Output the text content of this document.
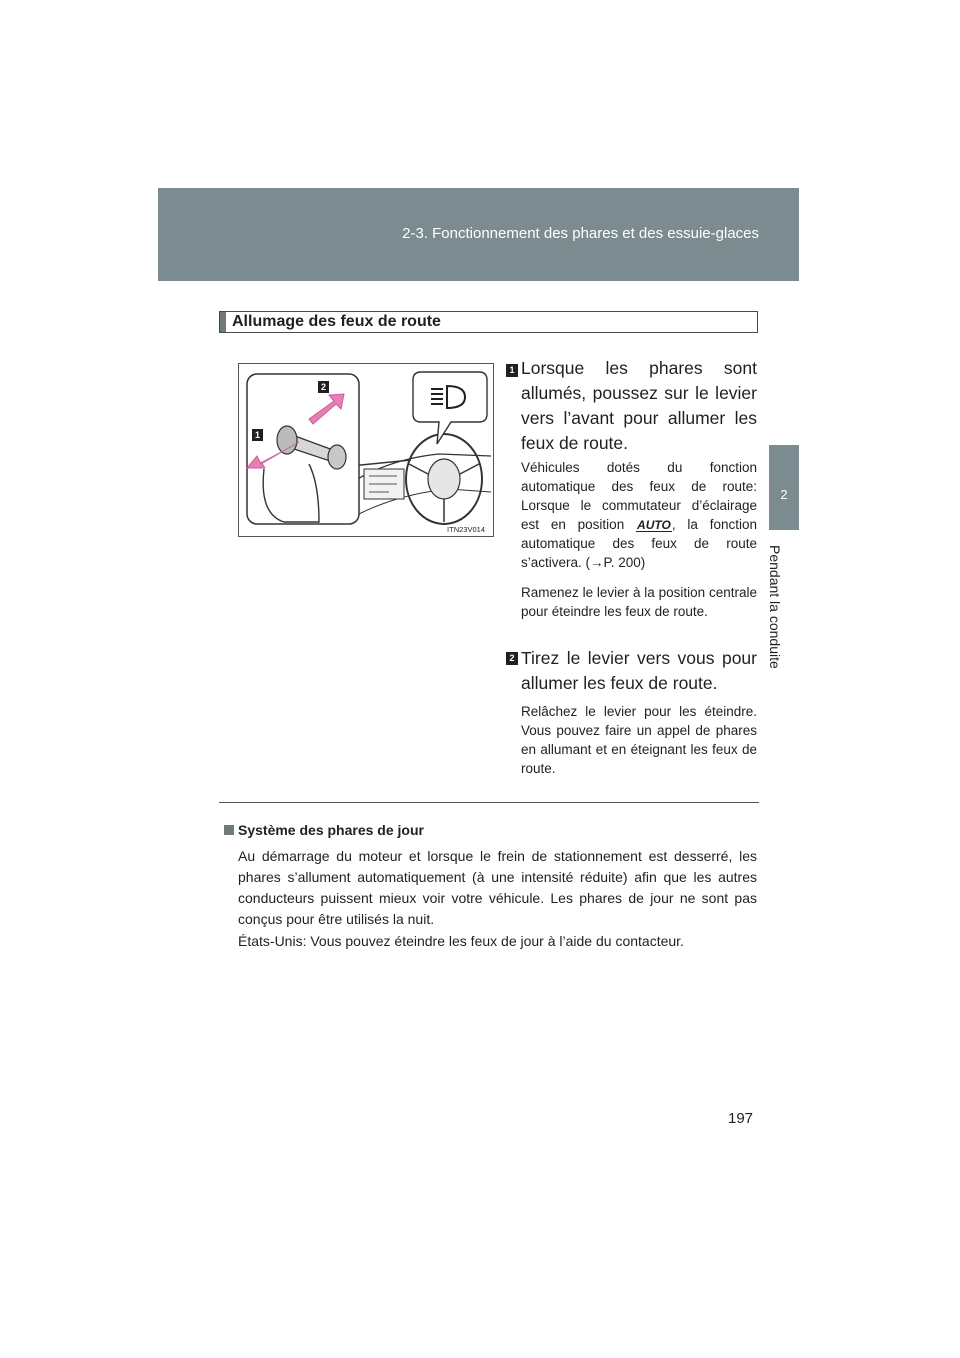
2-3. Fonctionnement des phares et des essuie-glaces
2
Pendant la conduite
Allumage des feux de route
1
2
ITN23V014
1 Lorsque les phares sont allumés, poussez sur le levier vers l’avant pour allumer les feux de route.

Véhicules dotés du fonction automatique des feux de route: Lorsque le commutateur d’éclairage est en position AUTO, la fonction automatique des feux de route s’activera. (→P. 200)

Ramenez le levier à la position centrale pour éteindre les feux de route.

2 Tirez le levier vers vous pour allumer les feux de route.

Relâchez le levier pour les éteindre. Vous pouvez faire un appel de phares en allumant et en éteignant les feux de route.

Système des phares de jour

Au démarrage du moteur et lorsque le frein de stationnement est desserré, les phares s’allument automatiquement (à une intensité réduite) afin que les autres conducteurs puissent mieux voir votre véhicule. Les phares de jour ne sont pas conçus pour être utilisés la nuit.

États-Unis: Vous pouvez éteindre les feux de jour à l’aide du contacteur.

197
